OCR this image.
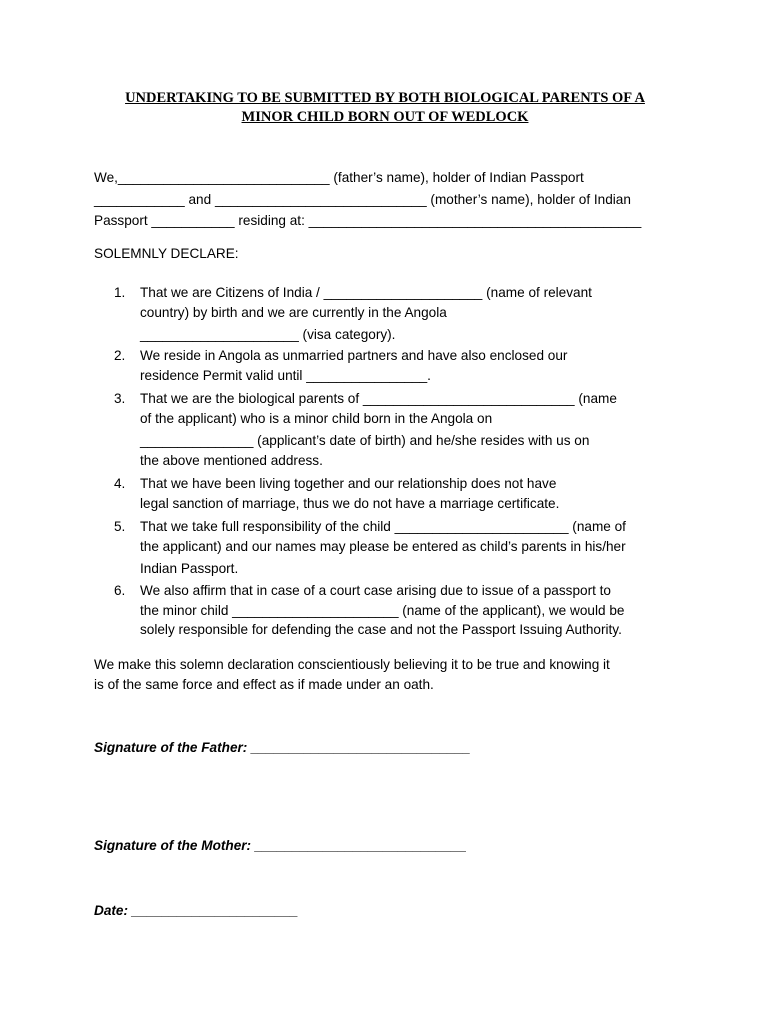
UNDERTAKING TO BE SUBMITTED BY BOTH BIOLOGICAL PARENTS OF A
MINOR CHILD BORN OUT OF WEDLOCK
We,____________________________ (father’s name), holder of Indian Passport
____________ and ____________________________ (mother’s name), holder of Indian
Passport ___________ residing at: ____________________________________________
SOLEMNLY DECLARE:
1.	That we are Citizens of India / _____________________ (name of relevant
country) by birth and we are currently in the Angola
_____________________ (visa category).
2.	We reside in Angola as unmarried partners and have also enclosed our
residence Permit valid until ________________.
3.	That we are the biological parents of ____________________________ (name
of the applicant) who is a minor child born in the Angola on
_______________ (applicant’s date of birth) and he/she resides with us on
the above mentioned address.
4.	That we have been living together and our relationship does not have
legal sanction of marriage, thus we do not have a marriage certificate.
5.	That we take full responsibility of the child _______________________ (name of
the applicant) and our names may please be entered as child’s parents in his/her
Indian Passport.
6.	We also affirm that in case of a court case arising due to issue of a passport to
the minor child ______________________ (name of the applicant), we would be
solely responsible for defending the case and not the Passport Issuing Authority.
We make this solemn declaration conscientiously believing it to be true and knowing it
is of the same force and effect as if made under an oath.
Signature of the Father: _____________________________
Signature of the Mother: ____________________________
Date: ______________________
